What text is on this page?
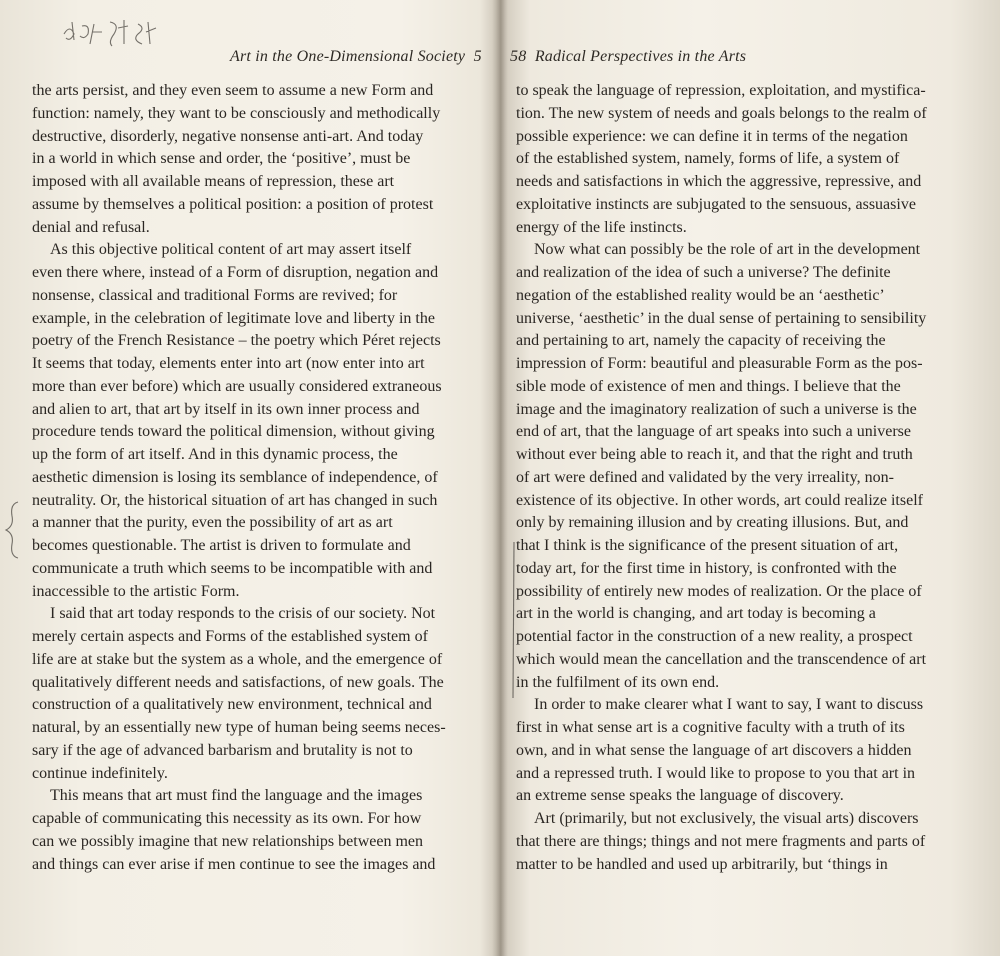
Art in the One-Dimensional Society 5
the arts persist, and they even seem to assume a new Form and
function: namely, they want to be consciously and methodically
destructive, disorderly, negative nonsense anti-art. And today
in a world in which sense and order, the ‘positive’, must be
imposed with all available means of repression, these art
assume by themselves a political position: a position of protest
denial and refusal.
As this objective political content of art may assert itself
even there where, instead of a Form of disruption, negation and
nonsense, classical and traditional Forms are revived; for
example, in the celebration of legitimate love and liberty in the
poetry of the French Resistance – the poetry which Péret rejects
It seems that today, elements enter into art (now enter into art
more than ever before) which are usually considered extraneous
and alien to art, that art by itself in its own inner process and
procedure tends toward the political dimension, without giving
up the form of art itself. And in this dynamic process, the
aesthetic dimension is losing its semblance of independence, of
neutrality. Or, the historical situation of art has changed in such
a manner that the purity, even the possibility of art as art
becomes questionable. The artist is driven to formulate and
communicate a truth which seems to be incompatible with and
inaccessible to the artistic Form.
I said that art today responds to the crisis of our society. Not
merely certain aspects and Forms of the established system of
life are at stake but the system as a whole, and the emergence of
qualitatively different needs and satisfactions, of new goals. The
construction of a qualitatively new environment, technical and
natural, by an essentially new type of human being seems neces-
sary if the age of advanced barbarism and brutality is not to
continue indefinitely.
This means that art must find the language and the images
capable of communicating this necessity as its own. For how
can we possibly imagine that new relationships between men
and things can ever arise if men continue to see the images and
58 Radical Perspectives in the Arts
to speak the language of repression, exploitation, and mystifica-
tion. The new system of needs and goals belongs to the realm of
possible experience: we can define it in terms of the negation
of the established system, namely, forms of life, a system of
needs and satisfactions in which the aggressive, repressive, and
exploitative instincts are subjugated to the sensuous, assuasive
energy of the life instincts.
Now what can possibly be the role of art in the development
and realization of the idea of such a universe? The definite
negation of the established reality would be an ‘aesthetic’
universe, ‘aesthetic’ in the dual sense of pertaining to sensibility
and pertaining to art, namely the capacity of receiving the
impression of Form: beautiful and pleasurable Form as the pos-
sible mode of existence of men and things. I believe that the
image and the imaginatory realization of such a universe is the
end of art, that the language of art speaks into such a universe
without ever being able to reach it, and that the right and truth
of art were defined and validated by the very irreality, non-
existence of its objective. In other words, art could realize itself
only by remaining illusion and by creating illusions. But, and
that I think is the significance of the present situation of art,
today art, for the first time in history, is confronted with the
possibility of entirely new modes of realization. Or the place of
art in the world is changing, and art today is becoming a
potential factor in the construction of a new reality, a prospect
which would mean the cancellation and the transcendence of art
in the fulfilment of its own end.
In order to make clearer what I want to say, I want to discuss
first in what sense art is a cognitive faculty with a truth of its
own, and in what sense the language of art discovers a hidden
and a repressed truth. I would like to propose to you that art in
an extreme sense speaks the language of discovery.
Art (primarily, but not exclusively, the visual arts) discovers
that there are things; things and not mere fragments and parts of
matter to be handled and used up arbitrarily, but ‘things in
